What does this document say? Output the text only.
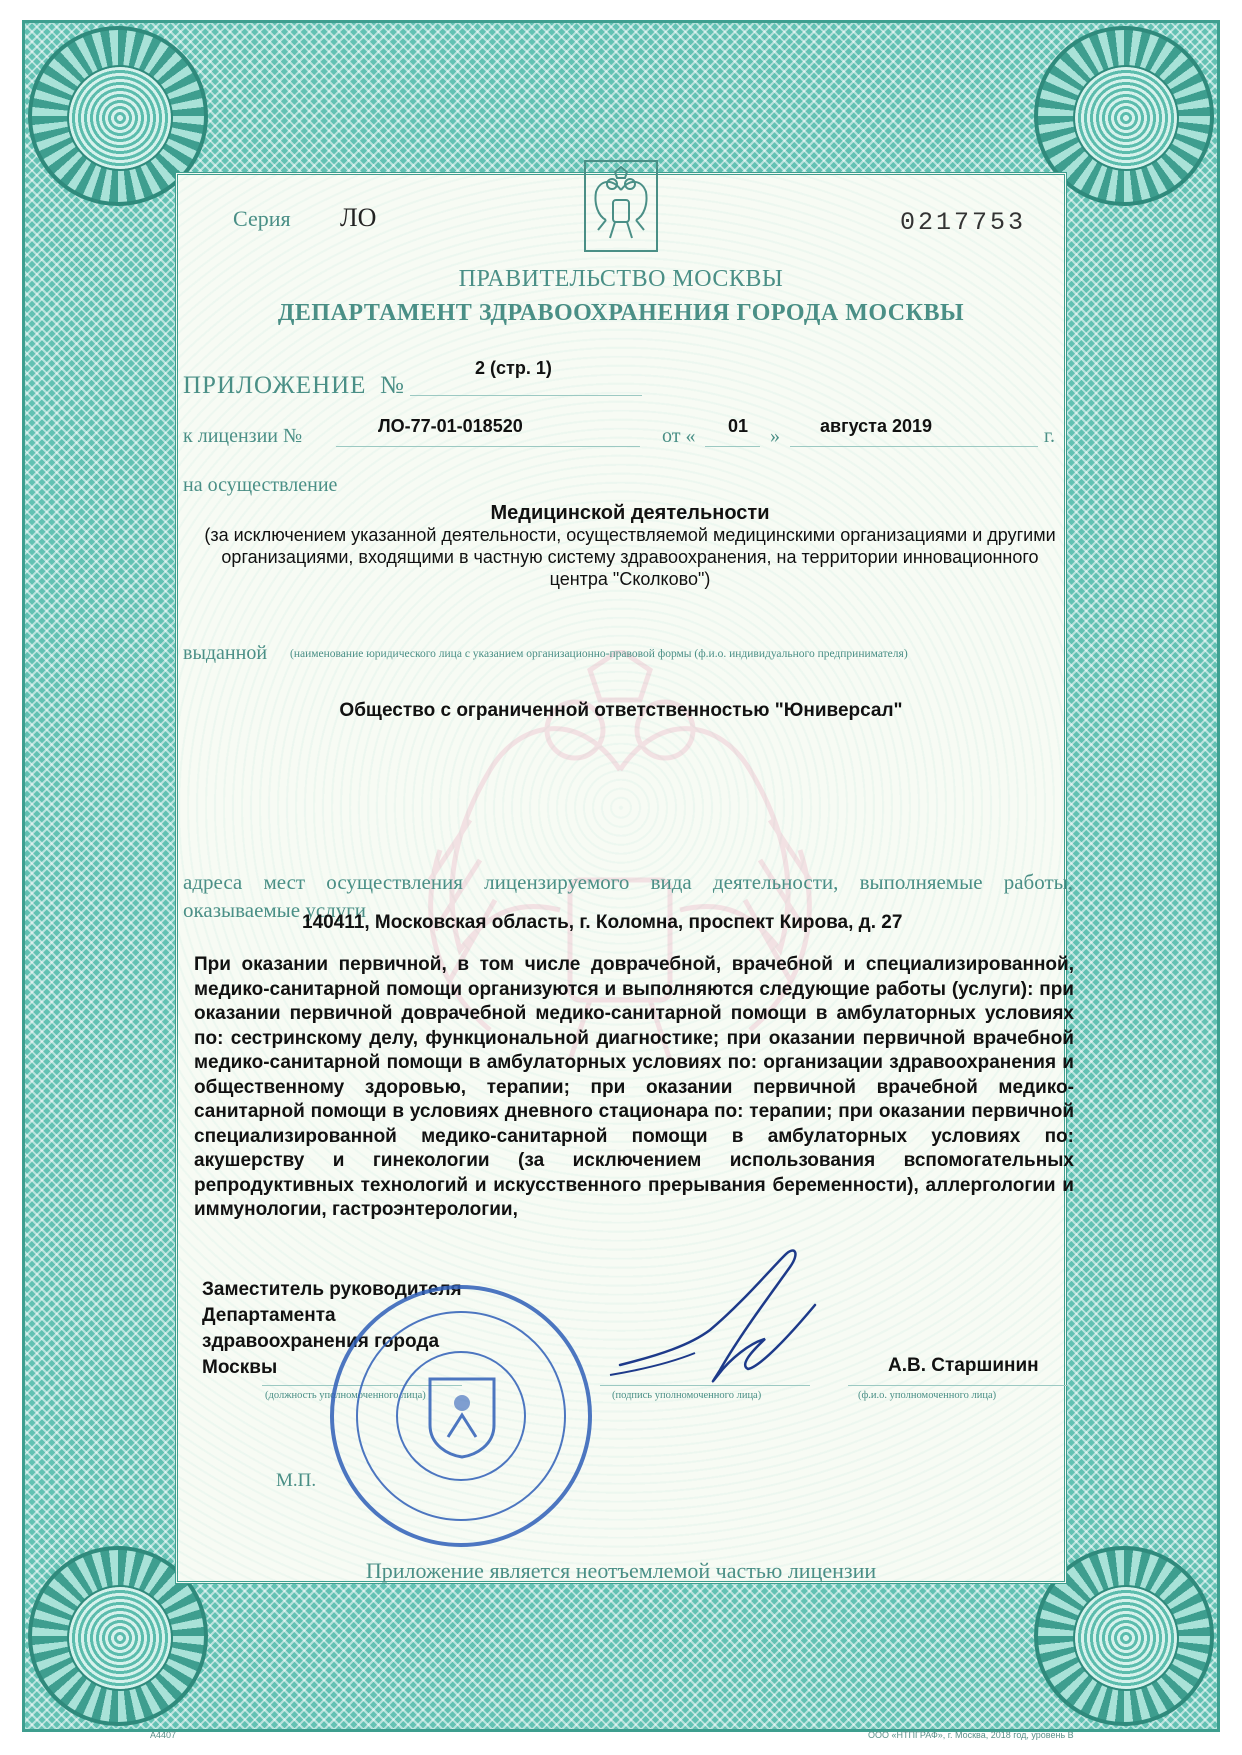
Серия ЛО	0217753
ПРАВИТЕЛЬСТВО МОСКВЫ
ДЕПАРТАМЕНТ ЗДРАВООХРАНЕНИЯ ГОРОДА МОСКВЫ
ПРИЛОЖЕНИЕ №
2 (стр. 1)
к лицензии №	ЛО-77-01-018520	от « 01 » августа 2019	г.
на осуществление
Медицинской деятельности
(за исключением указанной деятельности, осуществляемой медицинскими организациями и другими организациями, входящими в частную систему здравоохранения, на территории инновационного центра "Сколково")
выданной (наименование юридического лица с указанием организационно-правовой формы (ф.и.о. индивидуального предпринимателя)
Общество с ограниченной ответственностью "Юниверсал"
адреса мест осуществления лицензируемого вида деятельности, выполняемые работы, оказываемые услуги
140411, Московская область, г. Коломна, проспект Кирова, д. 27
При оказании первичной, в том числе доврачебной, врачебной и специализированной, медико-санитарной помощи организуются и выполняются следующие работы (услуги): при оказании первичной доврачебной медико-санитарной помощи в амбулаторных условиях по: сестринскому делу, функциональной диагностике; при оказании первичной врачебной медико-санитарной помощи в амбулаторных условиях по: организации здравоохранения и общественному здоровью, терапии; при оказании первичной врачебной медико-санитарной помощи в условиях дневного стационара по: терапии; при оказании первичной специализированной медико-санитарной помощи в амбулаторных условиях по: акушерству и гинекологии (за исключением использования вспомогательных репродуктивных технологий и искусственного прерывания беременности), аллергологии и иммунологии, гастроэнтерологии,
Заместитель руководителя
Департамента
здравоохранения города
Москвы	А.В. Старшинин
(должность уполномоченного лица)	(подпись уполномоченного лица)	(ф.и.о. уполномоченного лица)
М.П.
Приложение является неотъемлемой частью лицензии
А4407	ООО «НТПГРАФ», г. Москва, 2018 год, уровень В
